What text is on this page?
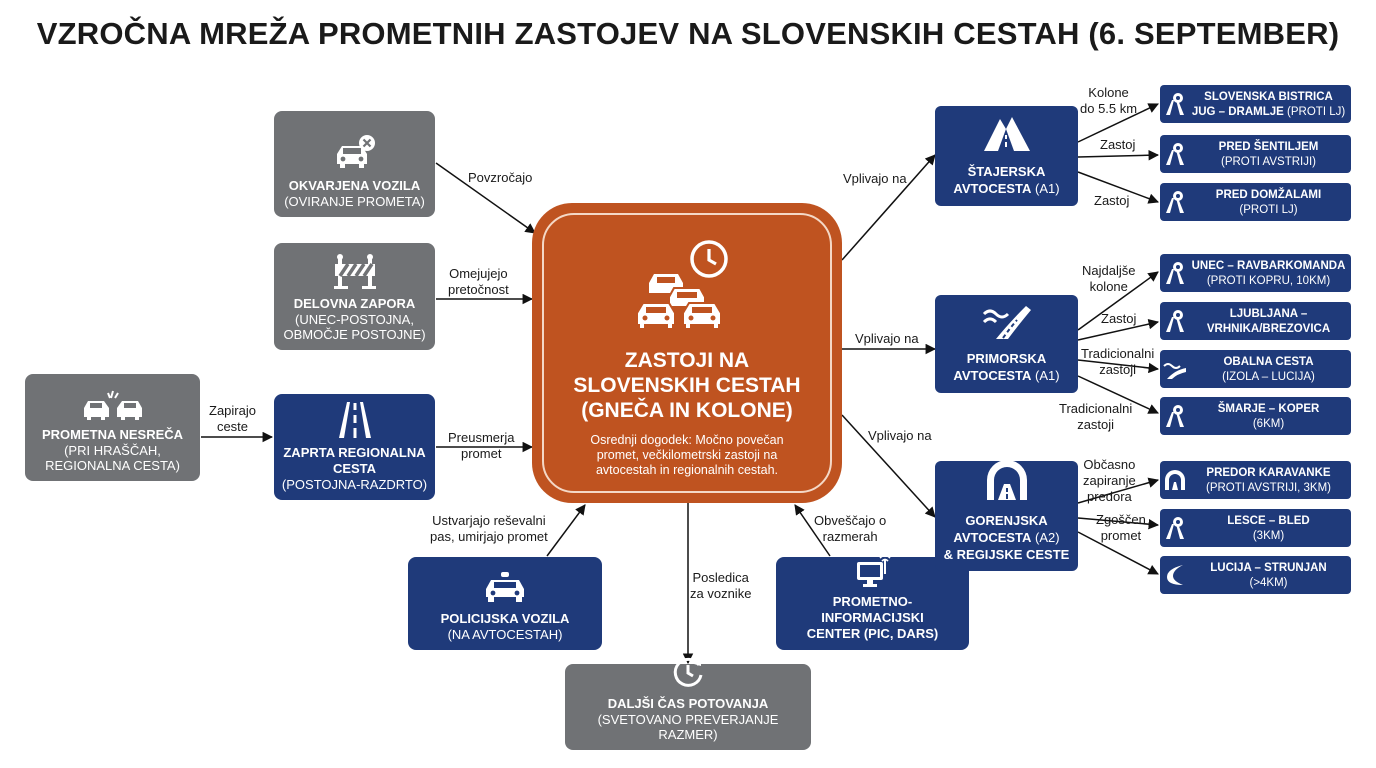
VZROČNA MREŽA PROMETNIH ZASTOJEV NA SLOVENSKIH CESTAH (6. SEPTEMBER)
Povzročajo
Omejujejo
pretočnost
Preusmerja
promet
Zapirajo
ceste
Ustvarjajo reševalni
pas, umirjajo promet
Posledica
za voznike
Obveščajo o
razmerah
Vplivajo na
Vplivajo na
Vplivajo na
Kolone
do 5.5 km
Zastoj
Zastoj
Najdaljše
kolone
Zastoj
Tradicionalni
zastoji
Tradicionalni
zastoji
Občasno
zapiranje
predora
Zgoščen
promet
OKVARJENA VOZILA
(OVIRANJE PROMETA)
DELOVNA ZAPORA
(UNEC-POSTOJNA,
OBMOČJE POSTOJNE)
ZAPRTA REGIONALNA
CESTA
(POSTOJNA-RAZDRTO)
PROMETNA NESREČA
(PRI HRAŠČAH,
REGIONALNA CESTA)
POLICIJSKA VOZILA
(NA AVTOCESTAH)
PROMETNO-INFORMACIJSKI
CENTER (PIC, DARS)
DALJŠI ČAS POTOVANJA
(SVETOVANO PREVERJANJE RAZMER)
ZASTOJI NA
SLOVENSKIH CESTAH
(GNEČA IN KOLONE)
Osrednji dogodek: Močno povečan
promet, večkilometrski zastoji na
avtocestah in regionalnih cestah.
ŠTAJERSKA
AVTOCESTA (A1)
PRIMORSKA
AVTOCESTA (A1)
GORENJSKA
AVTOCESTA (A2)
& REGIJSKE CESTE
SLOVENSKA BISTRICA
JUG – DRAMLJE (PROTI LJ)
PRED ŠENTILJEM
(PROTI AVSTRIJI)
PRED DOMŽALAMI
(PROTI LJ)
UNEC – RAVBARKOMANDA
(PROTI KOPRU, 10KM)
LJUBLJANA –
VRHNIKA/BREZOVICA
OBALNA CESTA
(IZOLA – LUCIJA)
ŠMARJE – KOPER
(6KM)
PREDOR KARAVANKE
(PROTI AVSTRIJI, 3KM)
LESCE – BLED
(3KM)
LUCIJA – STRUNJAN
(>4KM)
